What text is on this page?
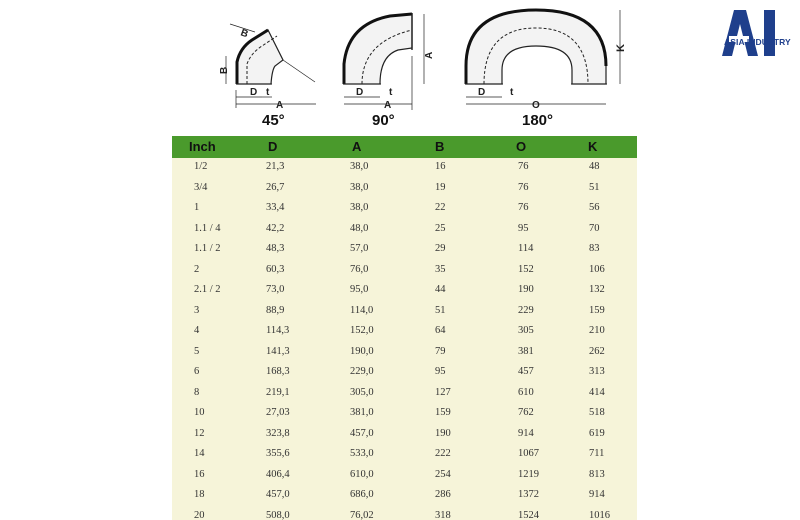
B
B
D t
A
A
D	t
A
K
D t
O
45°	90°	180°
ASIA INDUSTRY
Inch	D	A	B	O	K
1/2	21,3	38,0	16	76	48
3/4	26,7	38,0	19	76	51
1	33,4	38,0	22	76	56
1.1 / 4	42,2	48,0	25	95	70
1.1 / 2	48,3	57,0	29	114	83
2	60,3	76,0	35	152	106
2.1 / 2	73,0	95,0	44	190	132
3	88,9	114,0	51	229	159
4	114,3	152,0	64	305	210
5	141,3	190,0	79	381	262
6	168,3	229,0	95	457	313
8	219,1	305,0	127	610	414
10	27,03	381,0	159	762	518
12	323,8	457,0	190	914	619
14	355,6	533,0	222	1067	711
16	406,4	610,0	254	1219	813
18	457,0	686,0	286	1372	914
20	508,0	76,02	318	1524	1016
